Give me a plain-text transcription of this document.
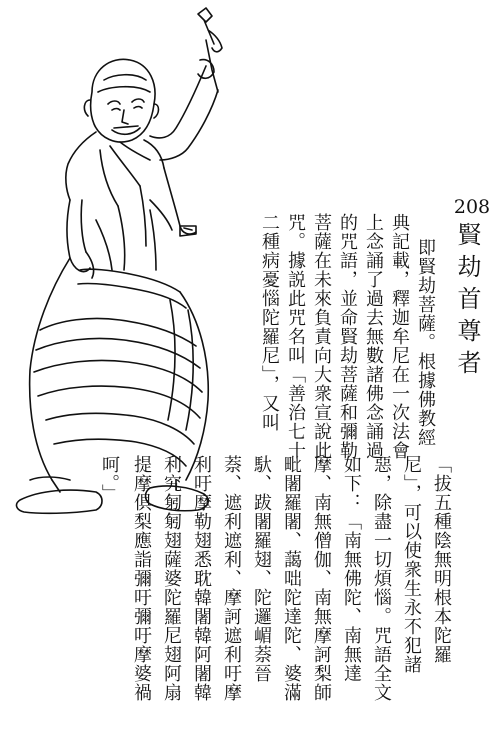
208
賢劫首尊者
即賢劫菩薩。根據佛教經
典記載，釋迦牟尼在一次法會
上念誦了過去無數諸佛念誦過
的咒語，並命賢劫菩薩和彌勒
菩薩在未來負責向大衆宣說此
咒。據説此咒名叫「善治七十
二種病憂惱陀羅尼」，又叫
「拔五種陰無明根本陀羅
尼」，可以使衆生永不犯諸
惡，除盡一切煩惱。咒語全文
如下：「南無佛陀、南無達
摩、南無僧伽、南無摩訶梨師
毗闍羅闍、藹咄陀達陀、婆滿
馱、跋闍羅翅、陀邏嵋萘晉
萘、遮利遮利、摩訶遮利吁摩
利吁摩勒翅悉耽韓闍韓阿闍韓
利究匑匑翅薩婆陀羅尼翅阿扇
提摩俱梨應詣彌吁彌吁摩婆禍
呵。」
